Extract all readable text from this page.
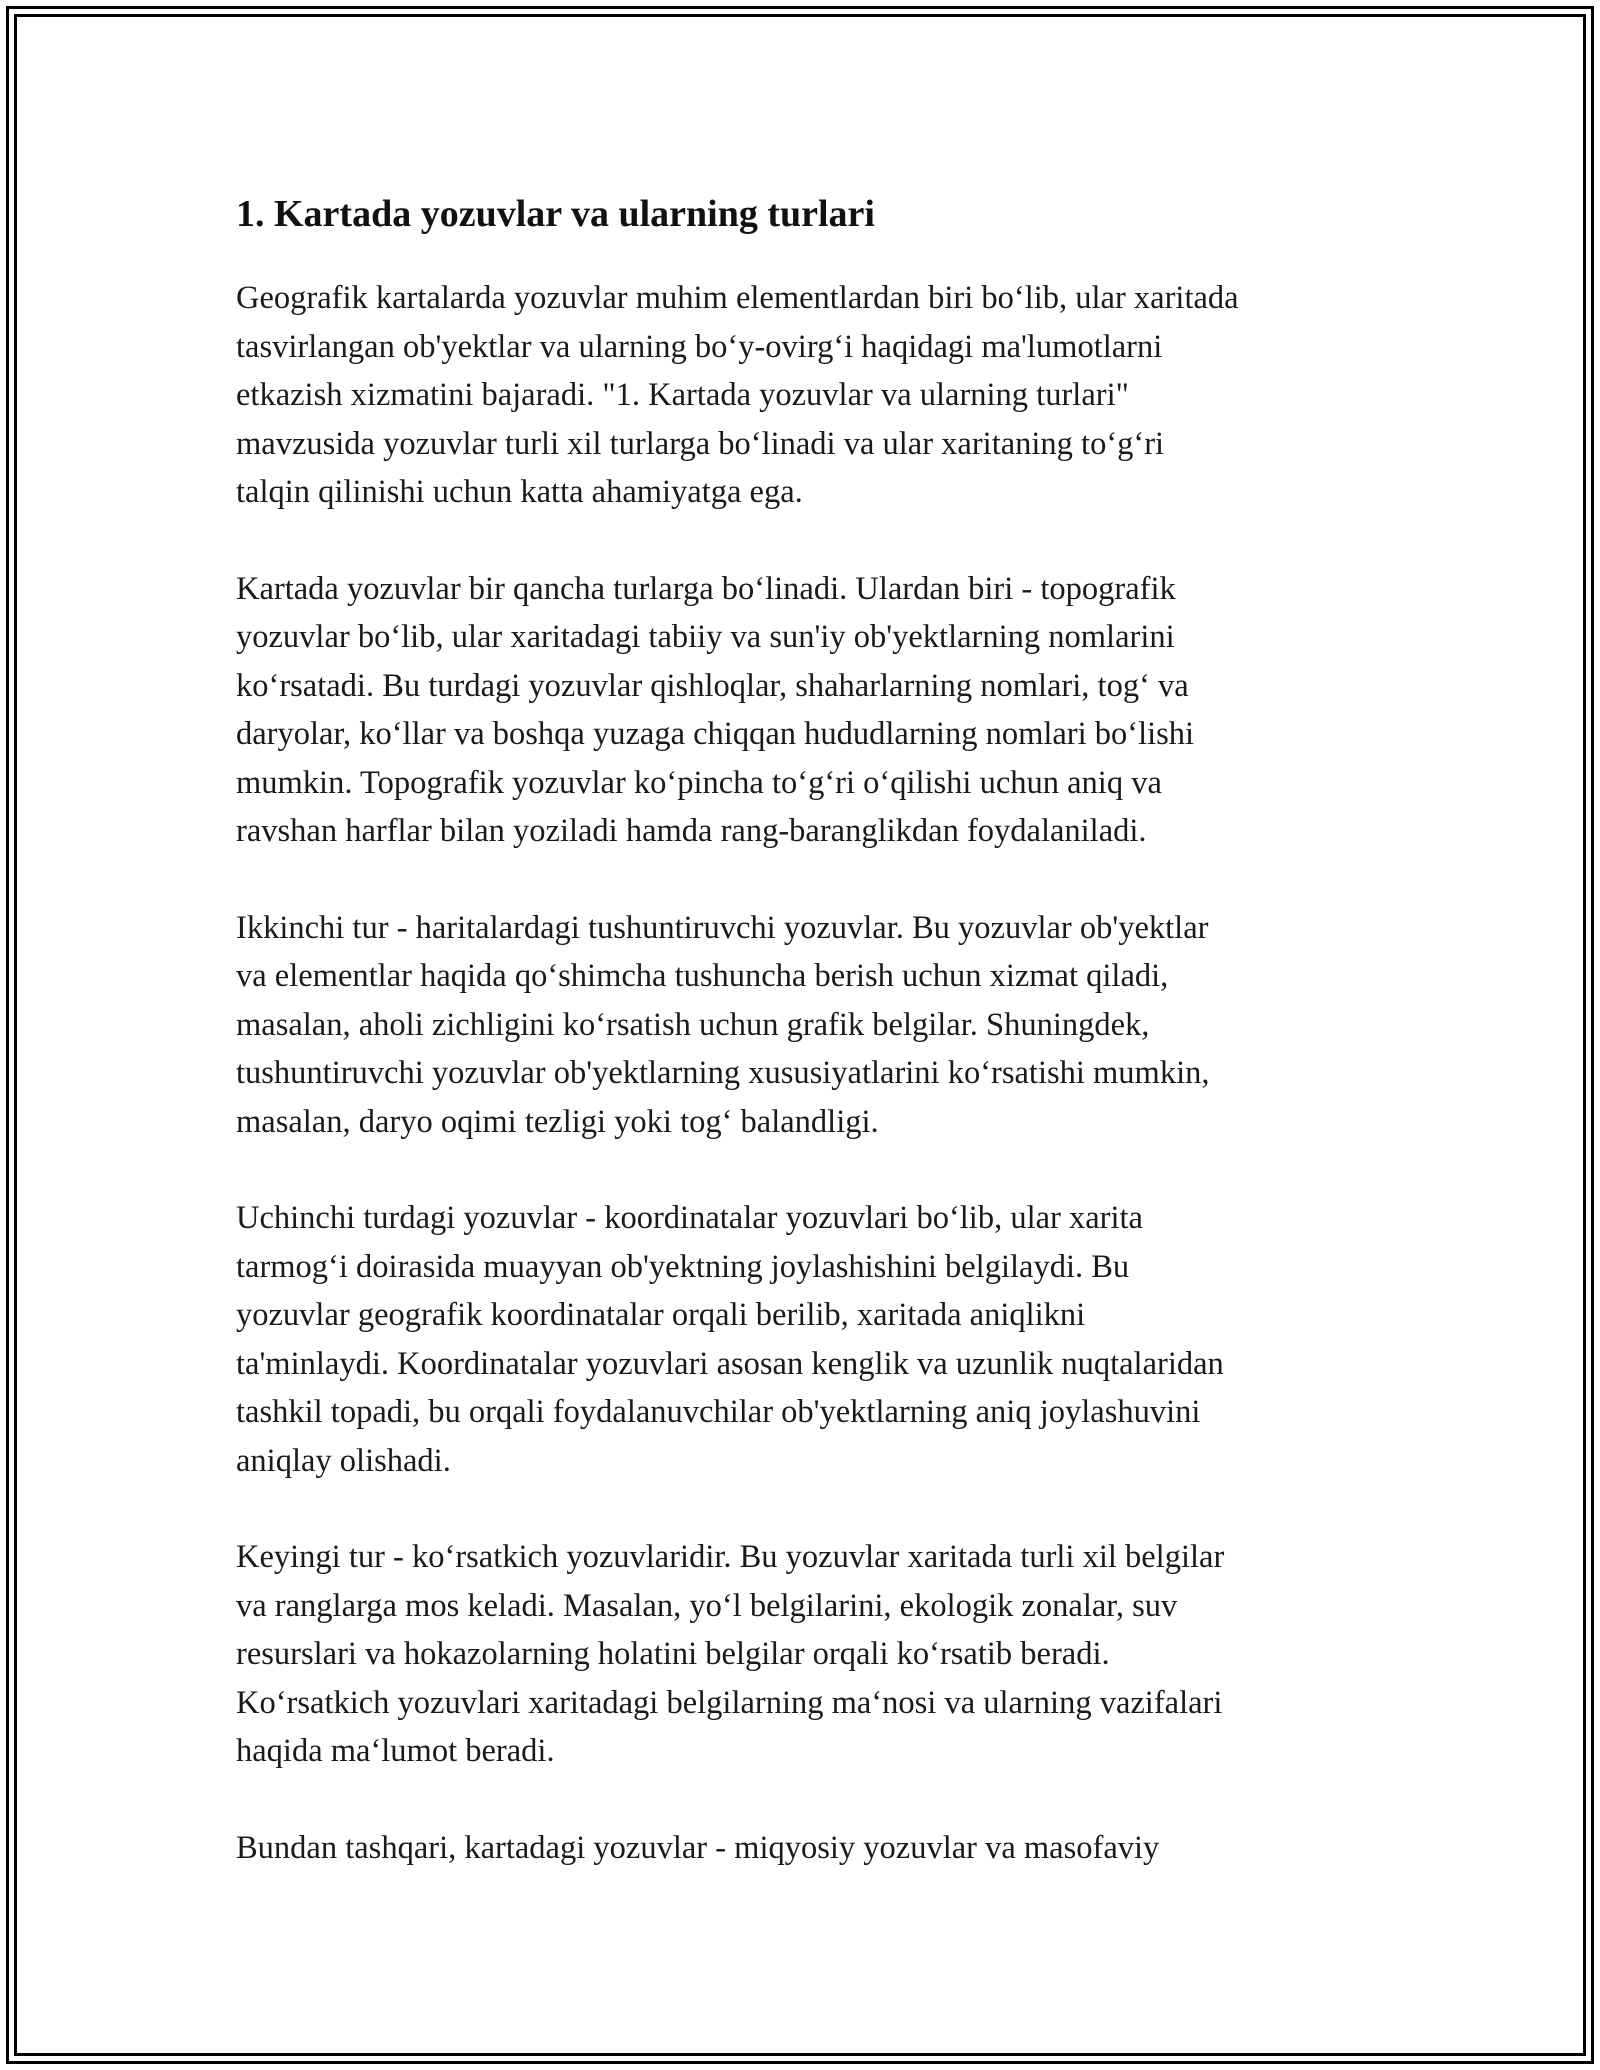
1. Kartada yozuvlar va ularning turlari

Geografik kartalarda yozuvlar muhim elementlardan biri boʻlib, ular xaritada
tasvirlangan ob'yektlar va ularning boʻy-ovirgʻi haqidagi ma'lumotlarni
etkazish xizmatini bajaradi. "1. Kartada yozuvlar va ularning turlari"
mavzusida yozuvlar turli xil turlarga boʻlinadi va ular xaritaning toʻgʻri
talqin qilinishi uchun katta ahamiyatga ega.

Kartada yozuvlar bir qancha turlarga boʻlinadi. Ulardan biri - topografik
yozuvlar boʻlib, ular xaritadagi tabiiy va sun'iy ob'yektlarning nomlarini
koʻrsatadi. Bu turdagi yozuvlar qishloqlar, shaharlarning nomlari, togʻ va
daryolar, koʻllar va boshqa yuzaga chiqqan hududlarning nomlari boʻlishi
mumkin. Topografik yozuvlar koʻpincha toʻgʻri oʻqilishi uchun aniq va
ravshan harflar bilan yoziladi hamda rang-baranglikdan foydalaniladi.

Ikkinchi tur - haritalardagi tushuntiruvchi yozuvlar. Bu yozuvlar ob'yektlar
va elementlar haqida qoʻshimcha tushuncha berish uchun xizmat qiladi,
masalan, aholi zichligini koʻrsatish uchun grafik belgilar. Shuningdek,
tushuntiruvchi yozuvlar ob'yektlarning xususiyatlarini koʻrsatishi mumkin,
masalan, daryo oqimi tezligi yoki togʻ balandligi.

Uchinchi turdagi yozuvlar - koordinatalar yozuvlari boʻlib, ular xarita
tarmogʻi doirasida muayyan ob'yektning joylashishini belgilaydi. Bu
yozuvlar geografik koordinatalar orqali berilib, xaritada aniqlikni
ta'minlaydi. Koordinatalar yozuvlari asosan kenglik va uzunlik nuqtalaridan
tashkil topadi, bu orqali foydalanuvchilar ob'yektlarning aniq joylashuvini
aniqlay olishadi.

Keyingi tur - koʻrsatkich yozuvlaridir. Bu yozuvlar xaritada turli xil belgilar
va ranglarga mos keladi. Masalan, yoʻl belgilarini, ekologik zonalar, suv
resurslari va hokazolarning holatini belgilar orqali koʻrsatib beradi.
Koʻrsatkich yozuvlari xaritadagi belgilarning maʻnosi va ularning vazifalari
haqida maʻlumot beradi.

Bundan tashqari, kartadagi yozuvlar - miqyosiy yozuvlar va masofaviy
